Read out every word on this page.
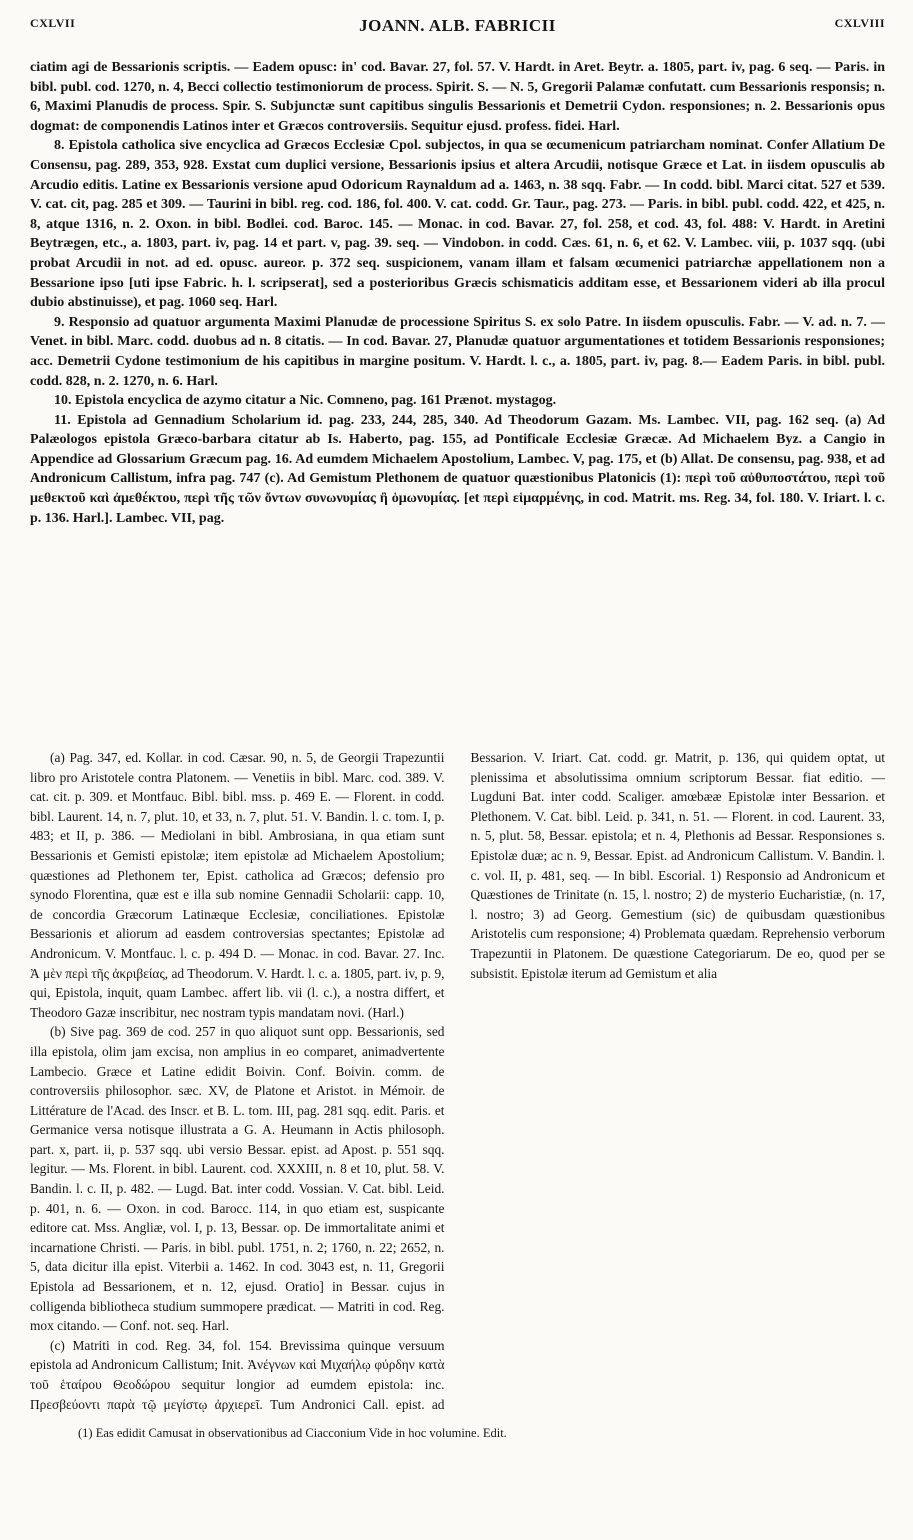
CXLVII	JOANN. ALB. FABRICII	CXLVIII

ciatim agi de Bessarionis scriptis. — Eadem opusc: in' cod. Bavar. 27, fol. 57. V. Hardt. in Aret. Beytr. a. 1805, part. iv, pag. 6 seq. — Paris. in bibl. publ. cod. 1270, n. 4, Becci collectio testimoniorum de process. Spirit. S. — N. 5, Gregorii Palamæ confutatt. cum Bessarionis responsis; n. 6, Maximi Planudis de process. Spir. S. Subjunctæ sunt capitibus singulis Bessarionis et Demetrii Cydon. responsiones; n. 2. Bessarionis opus dogmat: de componendis Latinos inter et Græcos controversiis. Sequitur ejusd. profess. fidei. Harl.

8. Epistola catholica sive encyclica ad Græcos Ecclesiæ Cpol. subjectos, in qua se œcumenicum patriarcham nominat. Confer Allatium De Consensu, pag. 289, 353, 928. Exstat cum duplici versione, Bessarionis ipsius et altera Arcudii, notisque Græce et Lat. in iisdem opusculis ab Arcudio editis. Latine ex Bessarionis versione apud Odoricum Raynaldum ad a. 1463, n. 38 sqq. Fabr. — In codd. bibl. Marci citat. 527 et 539. V. cat. cit, pag. 285 et 309. — Taurini in bibl. reg. cod. 186, fol. 400. V. cat. codd. Gr. Taur., pag. 273. — Paris. in bibl. publ. codd. 422, et 425, n. 8, atque 1316, n. 2. Oxon. in bibl. Bodlei. cod. Baroc. 145. — Monac. in cod. Bavar. 27, fol. 258, et cod. 43, fol. 488: V. Hardt. in Aretini Beytrægen, etc., a. 1803, part. iv, pag. 14 et part. v, pag. 39. seq. — Vindobon. in codd. Cæs. 61, n. 6, et 62. V. Lambec. viii, p. 1037 sqq. (ubi probat Arcudii in not. ad ed. opusc. aureor. p. 372 seq. suspicionem, vanam illam et falsam œcumenici patriarchæ appellationem non a Bessarione ipso [uti ipse Fabric. h. l. scripserat], sed a posterioribus Græcis schismaticis additam esse, et Bessarionem videri ab illa procul dubio abstinuisse), et pag. 1060 seq. Harl.

9. Responsio ad quatuor argumenta Maximi Planudæ de processione Spiritus S. ex solo Patre. In iisdem opusculis. Fabr. — V. ad. n. 7. — Venet. in bibl. Marc. codd. duobus ad n. 8 citatis. — In cod. Bavar. 27, Planudæ quatuor argumentationes et totidem Bessarionis responsiones; acc. Demetrii Cydone testimonium de his capitibus in margine positum. V. Hardt. l. c., a. 1805, part. iv, pag. 8.— Eadem Paris. in bibl. publ. codd. 828, n. 2. 1270, n. 6. Harl.

10. Epistola encyclica de azymo citatur a Nic. Comneno, pag. 161 Prænot. mystagog.

11. Epistola ad Gennadium Scholarium id. pag. 233, 244, 285, 340. Ad Theodorum Gazam. Ms. Lambec. VII, pag. 162 seq. (a) Ad Palæologos epistola Græco-barbara citatur ab Is. Haberto, pag. 155, ad Pontificale Ecclesiæ Græcæ. Ad Michaelem Byz. a Cangio in Appendice ad Glossarium Græcum pag. 16. Ad eumdem Michaelem Apostolium, Lambec. V, pag. 175, et (b) Allat. De consensu, pag. 938, et ad Andronicum Callistum, infra pag. 747 (c). Ad Gemistum Plethonem de quatuor quæstionibus Platonicis (1): περὶ τοῦ αὐθυποστάτου, περὶ τοῦ μεθεκτοῦ καὶ ἀμεθέκτου, περὶ τῆς τῶν ὄντων συνωνυμίας ἢ ὁμωνυμίας. [et περὶ εἱμαρμένης, in cod. Matrit. ms. Reg. 34, fol. 180. V. Iriart. l. c. p. 136. Harl.]. Lambec. VII, pag.

(a) Pag. 347, ed. Kollar. in cod. Cæsar. 90, n. 5, de Georgii Trapezuntii libro pro Aristotele contra Platonem. — Venetiis in bibl. Marc. cod. 389. V. cat. cit. p. 309. et Montfauc. Bibl. bibl. mss. p. 469 E. — Florent. in codd. bibl. Laurent. 14, n. 7, plut. 10, et 33, n. 7, plut. 51. V. Bandin. l. c. tom. I, p. 483; et II, p. 386. — Mediolani in bibl. Ambrosiana, in qua etiam sunt Bessarionis et Gemisti epistolæ; item epistolæ ad Michaelem Apostolium; quæstiones ad Plethonem ter, Epist. catholica ad Græcos; defensio pro synodo Florentina, quæ est e illa sub nomine Gennadii Scholarii: capp. 10, de concordia Græcorum Latinæque Ecclesiæ, conciliationes. Epistolæ Bessarionis et aliorum ad easdem controversias spectantes; Epistolæ ad Andronicum. V. Montfauc. l. c. p. 494 D. — Monac. in cod. Bavar. 27. Inc. Ἀ μὲν περὶ τῆς ἀκριβείας, ad Theodorum. V. Hardt. l. c. a. 1805, part. iv, p. 9, qui, Epistola, inquit, quam Lambec. affert lib. vii (l. c.), a nostra differt, et Theodoro Gazæ inscribitur, nec nostram typis mandatam novi. (Harl.)

(b) Sive pag. 369 de cod. 257 in quo aliquot sunt opp. Bessarionis, sed illa epistola, olim jam excisa, non amplius in eo comparet, animadvertente Lambecio. Græce et Latine edidit Boivin. Conf. Boivin. comm. de controversiis philosophor. sæc. XV, de Platone et Aristot. in Mémoir. de Littérature de l'Acad. des Inscr. et B. L. tom. III, pag. 281 sqq. edit. Paris. et Germanice versa notisque illustrata a G. A. Heumann in Actis philosoph. part. x, part. ii, p. 537 sqq. ubi versio Bessar. epist. ad Apost. p. 551 sqq. legitur. — Ms. Florent. in bibl. Laurent. cod. XXXIII, n. 8 et 10, plut. 58. V. Bandin. l. c. II, p. 482. — Lugd. Bat. inter codd. Vossian. V. Cat. bibl. Leid. p. 401, n. 6. — Oxon. in cod. Barocc. 114, in quo etiam est, suspicante editore cat. Mss. Angliæ, vol. I, p. 13, Bessar. op. De immortalitate animi et incarnatione Christi. — Paris. in bibl. publ. 1751, n. 2; 1760, n. 22; 2652, n. 5, data dicitur illa epist. Viterbii a. 1462. In cod. 3043 est, n. 11, Gregorii Epistola ad Bessarionem, et n. 12, ejusd. Oratio] in Bessar. cujus in colligenda bibliotheca studium summopere prædicat. — Matriti in cod. Reg. mox citando. — Conf. not. seq. Harl.

(c) Matriti in cod. Reg. 34, fol. 154. Brevissima quinque versuum epistola ad Andronicum Callistum; Init. Ἀνέγνων καὶ Μιχαήλῳ φύρδην κατὰ τοῦ ἑταίρου Θεοδώρου sequitur longior ad eumdem epistola: inc. Πρεσβεύοντι παρὰ τῷ μεγίστῳ ἀρχιερεῖ. Tum Andronici Call. epist. ad Bessarion. V. Iriart. Cat. codd. gr. Matrit, p. 136, qui quidem optat, ut plenissima et absolutissima omnium scriptorum Bessar. fiat editio. — Lugduni Bat. inter codd. Scaliger. amœbææ Epistolæ inter Bessarion. et Plethonem. V. Cat. bibl. Leid. p. 341, n. 51. — Florent. in cod. Laurent. 33, n. 5, plut. 58, Bessar. epistola; et n. 4, Plethonis ad Bessar. Responsiones s. Epistolæ duæ; ac n. 9, Bessar. Epist. ad Andronicum Callistum. V. Bandin. l. c. vol. II, p. 481, seq. — In bibl. Escorial. 1) Responsio ad Andronicum et Quæstiones de Trinitate (n. 15, l. nostro; 2) de mysterio Eucharistiæ, (n. 17, l. nostro; 3) ad Georg. Gemestium (sic) de quibusdam quæstionibus Aristotelis cum responsione; 4) Problemata quædam. Reprehensio verborum Trapezuntii in Platonem. De quæstione Categoriarum. De eo, quod per se subsistit. Epistolæ iterum ad Gemistum et alia

(1) Eas edidit Camusat in observationibus ad Ciacconium Vide in hoc volumine. Edit.
